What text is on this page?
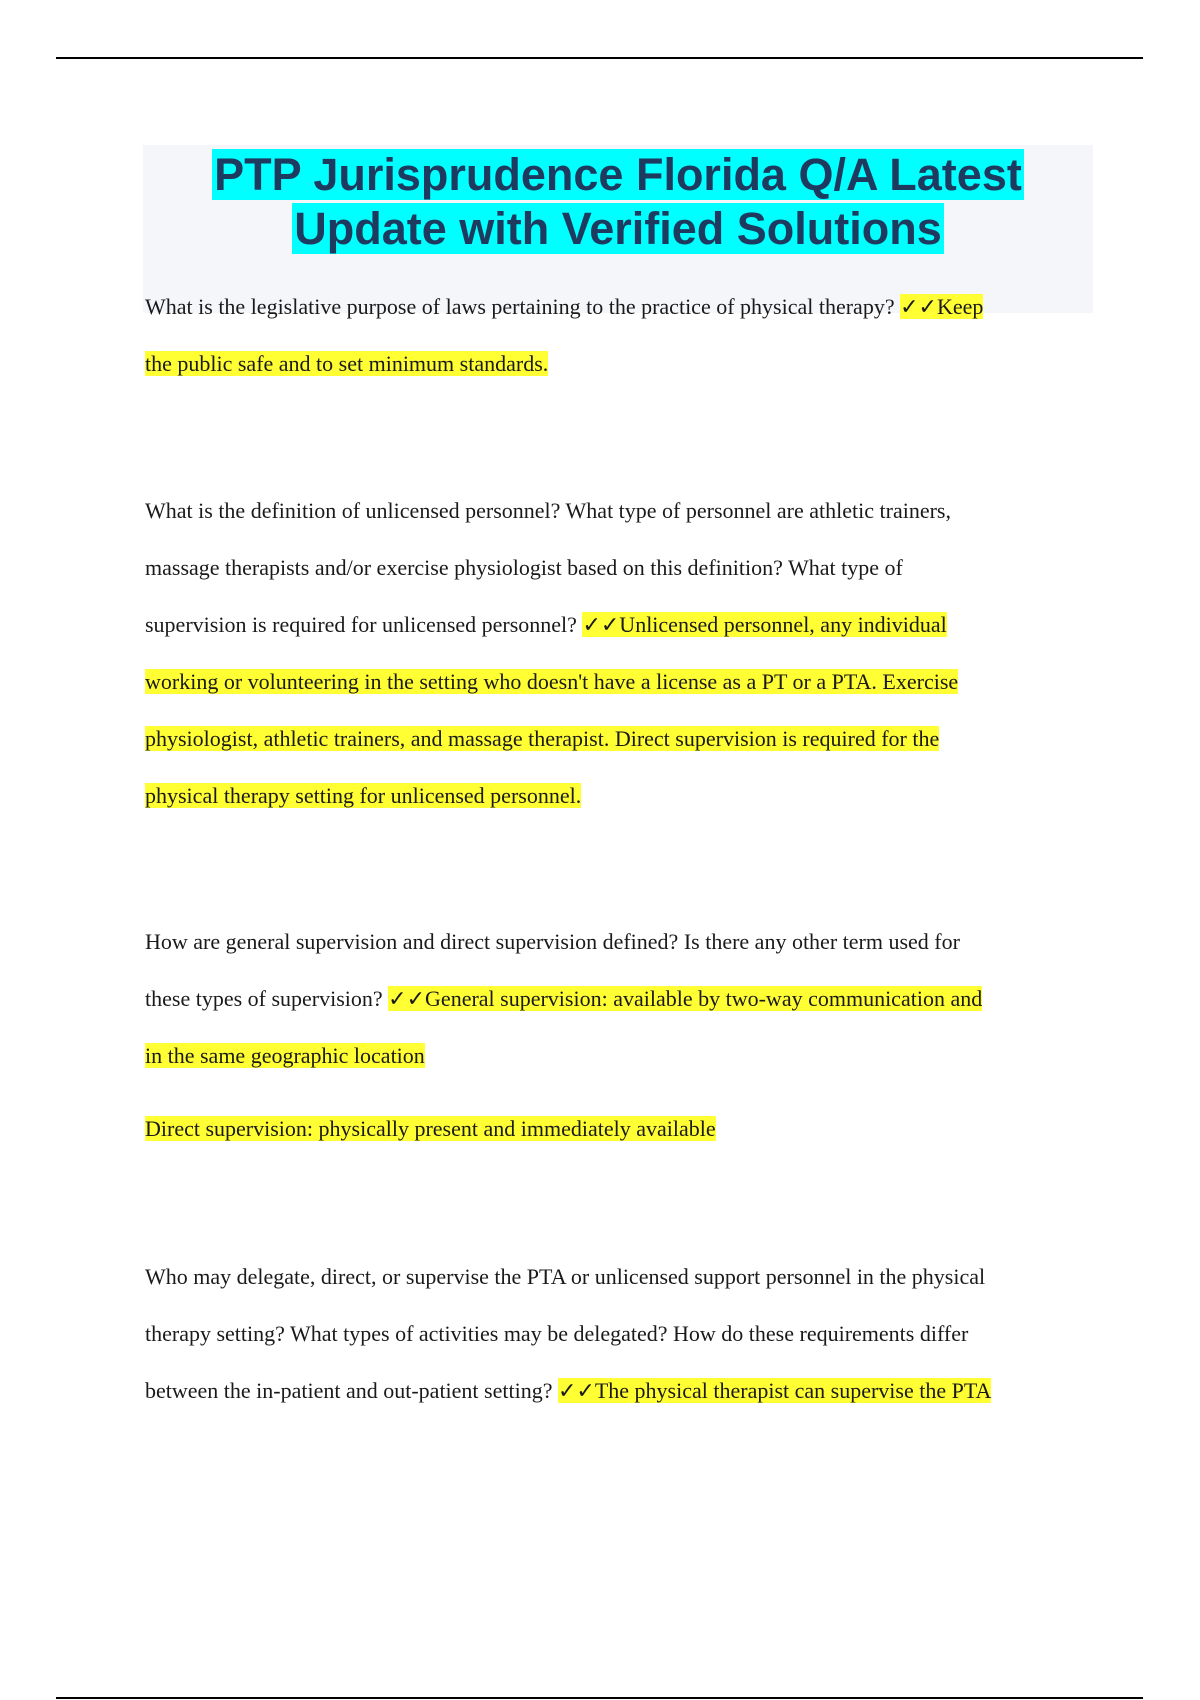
PTP Jurisprudence Florida Q/A Latest
Update with Verified Solutions
What is the legislative purpose of laws pertaining to the practice of physical therapy? ✓✓Keep
the public safe and to set minimum standards.
What is the definition of unlicensed personnel? What type of personnel are athletic trainers,
massage therapists and/or exercise physiologist based on this definition? What type of
supervision is required for unlicensed personnel? ✓✓Unlicensed personnel, any individual
working or volunteering in the setting who doesn't have a license as a PT or a PTA. Exercise
physiologist, athletic trainers, and massage therapist. Direct supervision is required for the
physical therapy setting for unlicensed personnel.
How are general supervision and direct supervision defined? Is there any other term used for
these types of supervision? ✓✓General supervision: available by two-way communication and
in the same geographic location
Direct supervision: physically present and immediately available
Who may delegate, direct, or supervise the PTA or unlicensed support personnel in the physical
therapy setting? What types of activities may be delegated? How do these requirements differ
between the in-patient and out-patient setting? ✓✓The physical therapist can supervise the PTA
